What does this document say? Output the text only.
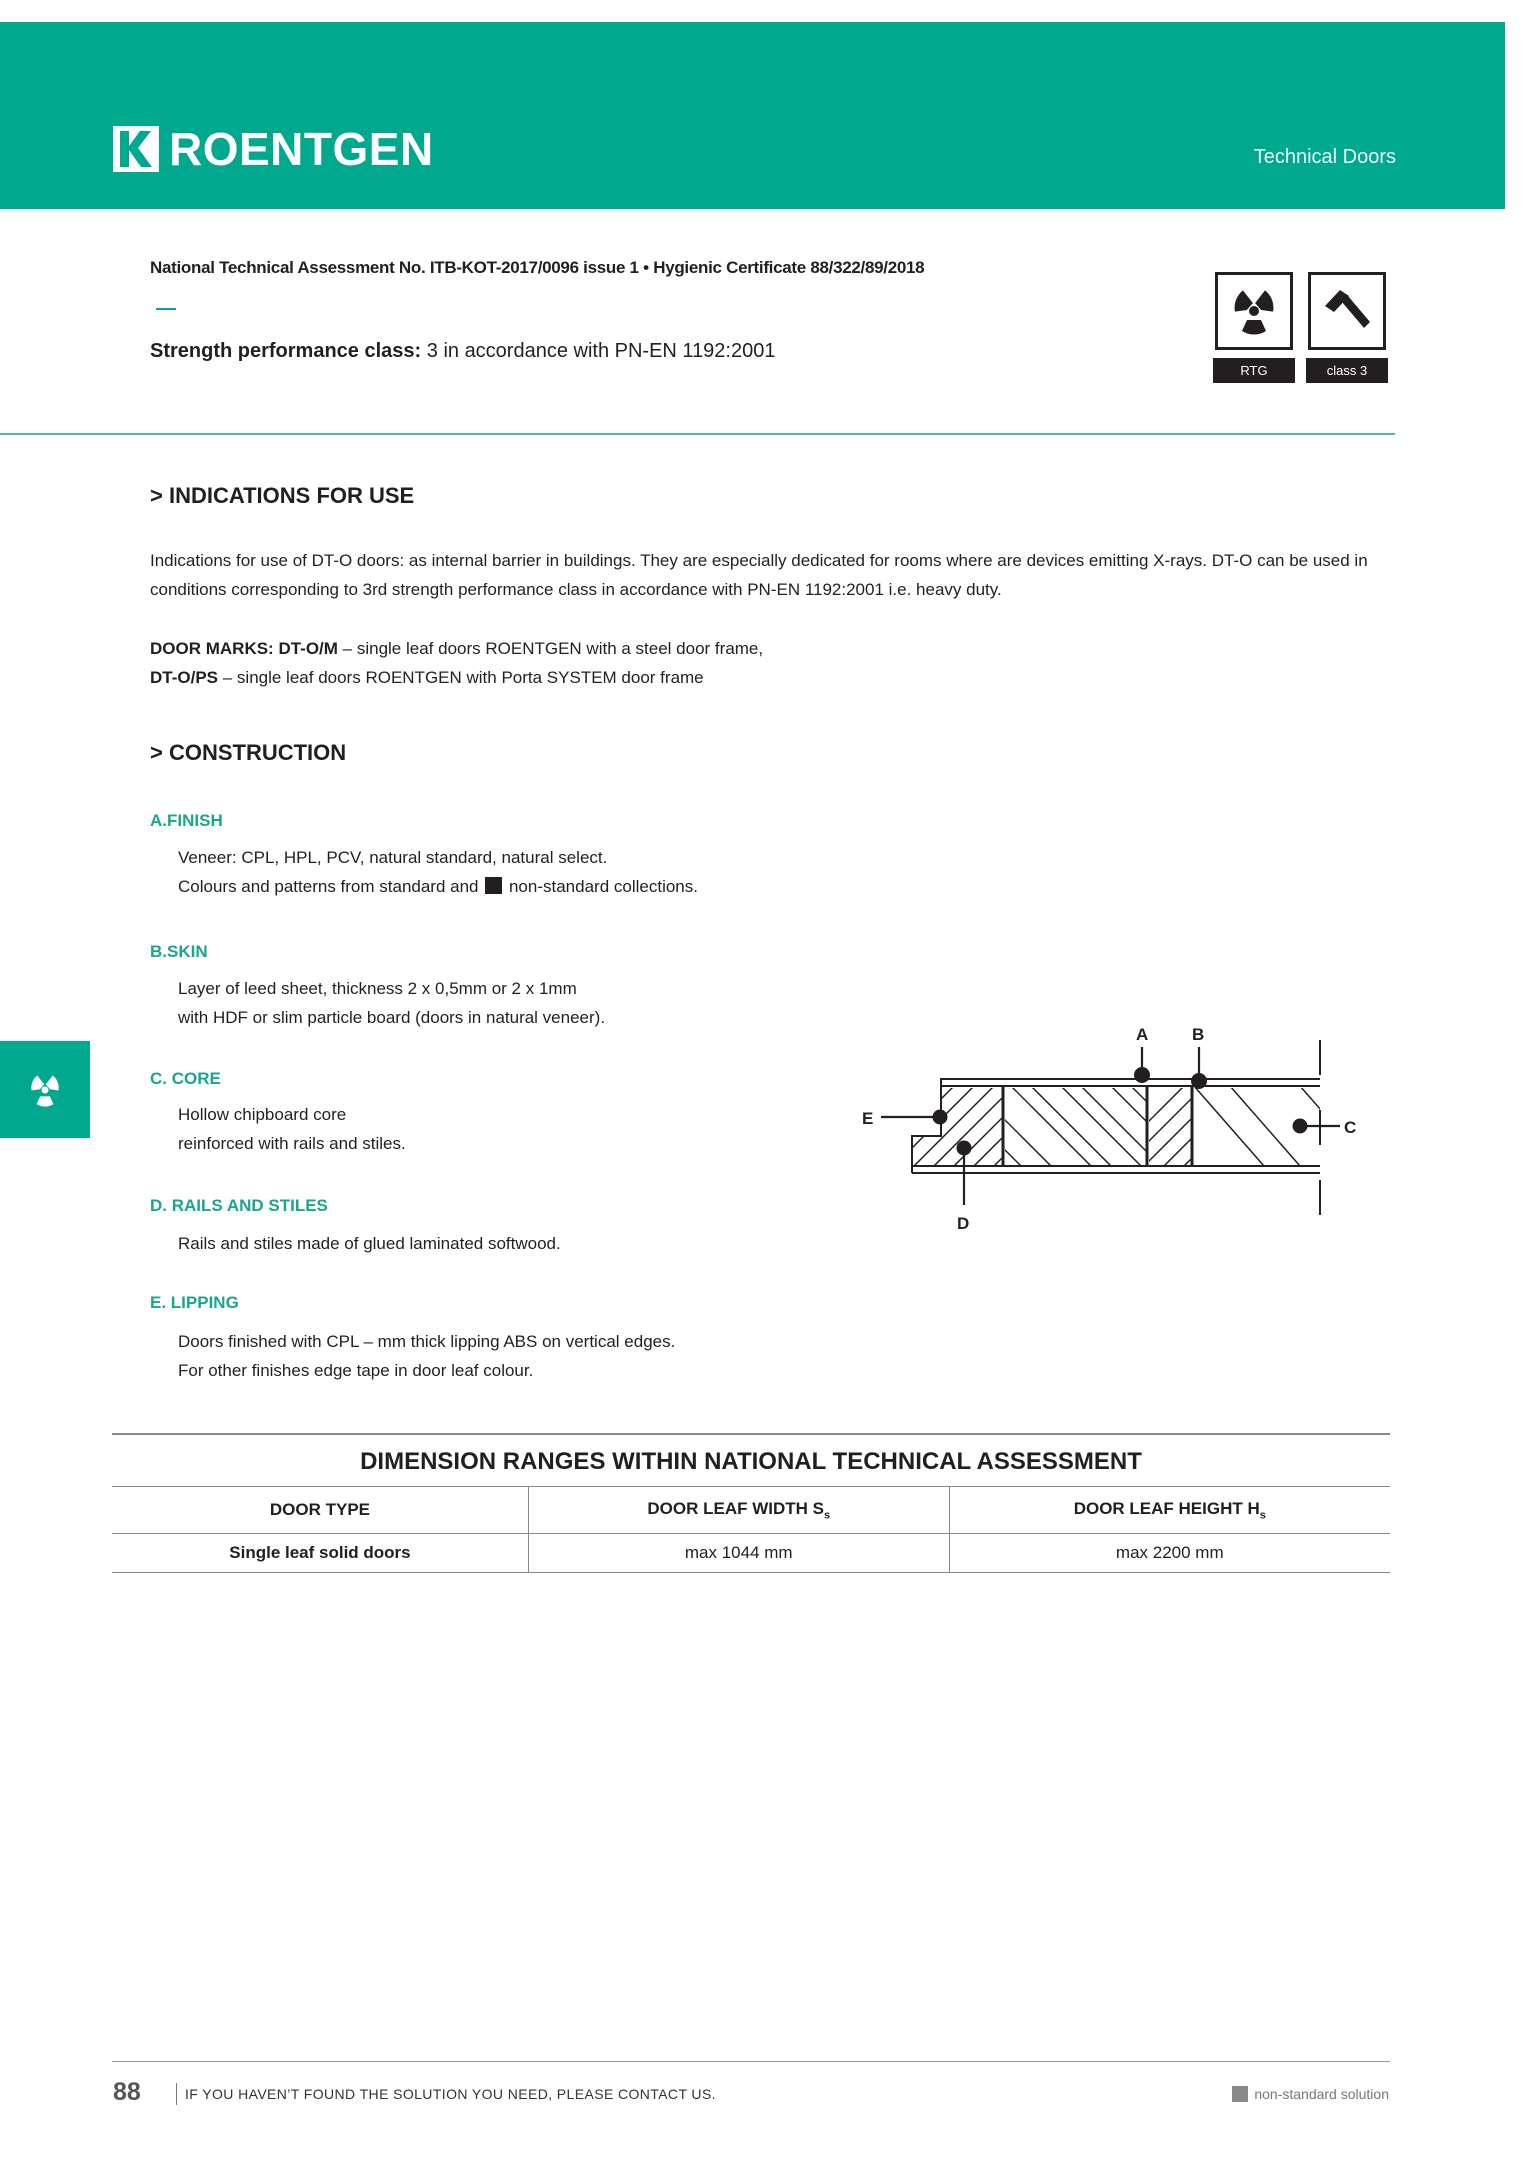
ROENTGEN	Technical Doors
National Technical Assessment No. ITB-KOT-2017/0096 issue 1 • Hygienic Certificate 88/322/89/2018
Strength performance class: 3 in accordance with PN-EN 1192:2001
RTG	class 3
> INDICATIONS FOR USE
Indications for use of DT-O doors: as internal barrier in buildings. They are especially dedicated for rooms where are devices emitting X-rays. DT-O can be used in conditions corresponding to 3rd strength performance class in accordance with PN-EN 1192:2001 i.e. heavy duty.
DOOR MARKS: DT-O/M – single leaf doors ROENTGEN with a steel door frame,
DT-O/PS – single leaf doors ROENTGEN with Porta SYSTEM door frame
> CONSTRUCTION
A.FINISH
Veneer: CPL, HPL, PCV, natural standard, natural select.
Colours and patterns from standard and  non-standard collections.
B.SKIN
Layer of leed sheet, thickness 2 x 0,5mm or 2 x 1mm
with HDF or slim particle board (doors in natural veneer).
C. CORE
Hollow chipboard core
reinforced with rails and stiles.
D. RAILS AND STILES
Rails and stiles made of glued laminated softwood.
E. LIPPING
Doors finished with CPL – mm thick lipping ABS on vertical edges.
For other finishes edge tape in door leaf colour.
A	B
C
D
E
DIMENSION RANGES WITHIN NATIONAL TECHNICAL ASSESSMENT
DOOR TYPE	DOOR LEAF WIDTH $S_s$	DOOR LEAF HEIGHT $H_s$
Single leaf solid doors	max 1044 mm	max 2200 mm
88	IF YOU HAVEN’T FOUND THE SOLUTION YOU NEED, PLEASE CONTACT US.	non-standard solution
